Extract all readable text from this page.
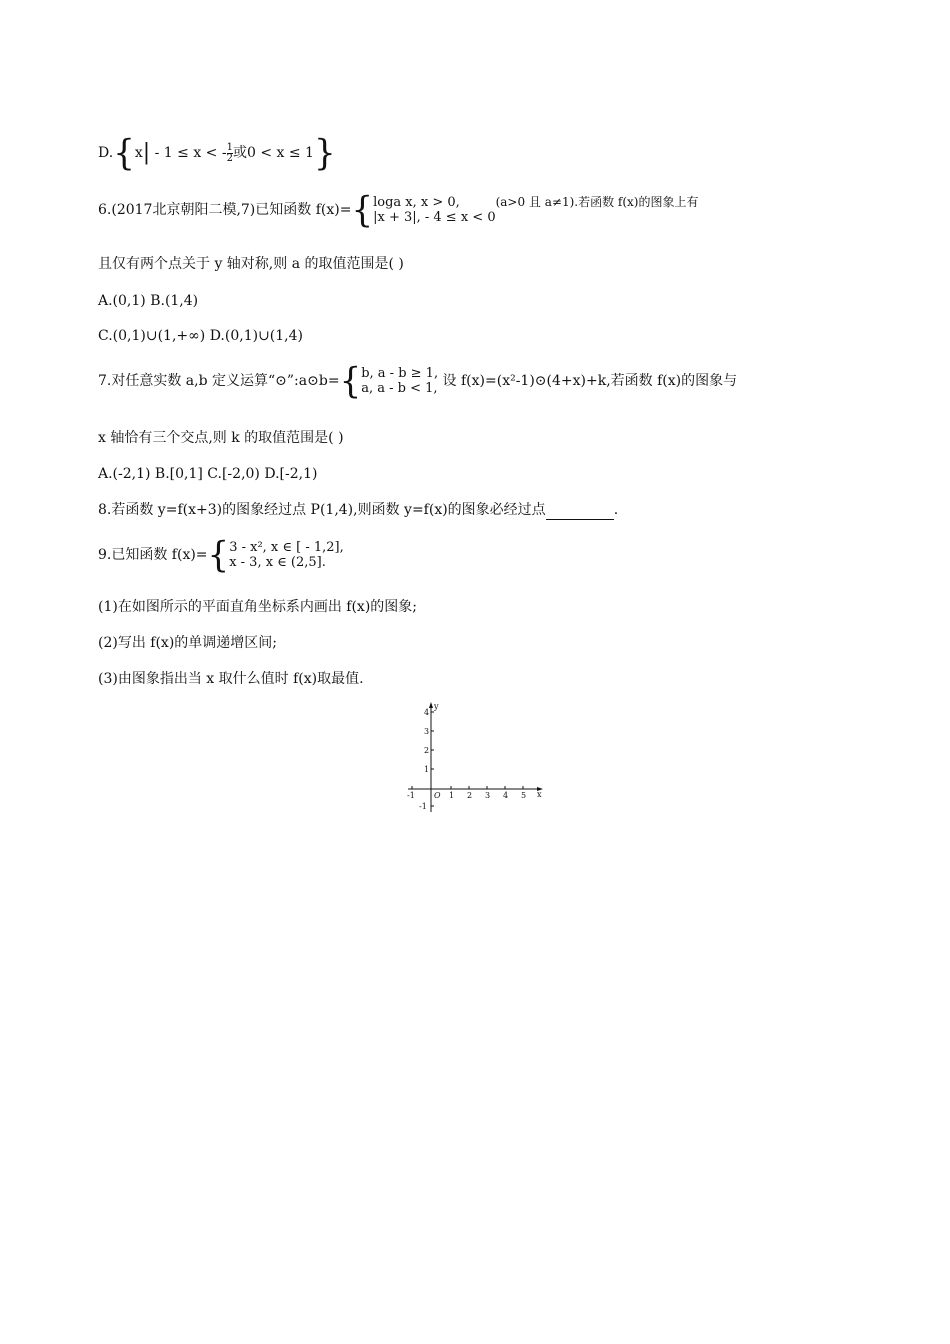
D.{x| - 1 ≤ x < - $\frac{1}{2}$ 或0 < x ≤ 1}
6.(2017北京朝阳二模,7)已知函数 f(x)={ loga x, x > 0,
|x + 3|, - 4 ≤ x < 0
(a>0 且 a≠1).若函数 f(x)的图象上有
且仅有两个点关于 y 轴对称,则 a 的取值范围是( )
A.(0,1) B.(1,4)
C.(0,1)∪(1,+∞) D.(0,1)∪(1,4)
7.对任意实数 a,b 定义运算“⊙”:a⊙b={ b, a - b ≥ 1,
a, a - b < 1, 设 f(x)=(x²-1)⊙(4+x)+k,若函数 f(x)的图象与
x 轴恰有三个交点,则 k 的取值范围是( )
A.(-2,1) B.[0,1] C.[-2,0) D.[-2,1)
8.若函数 y=f(x+3)的图象经过点 P(1,4),则函数 y=f(x)的图象必经过点	.
9.已知函数 f(x)={ 3 - x², x ∈ [ - 1,2],
x - 3, x ∈ (2,5].
(1)在如图所示的平面直角坐标系内画出 f(x)的图象;
(2)写出 f(x)的单调递增区间;
(3)由图象指出当 x 取什么值时 f(x)取最值.
y
x
O
4
3
2
1
-1
-1	1 2 3 4 5
